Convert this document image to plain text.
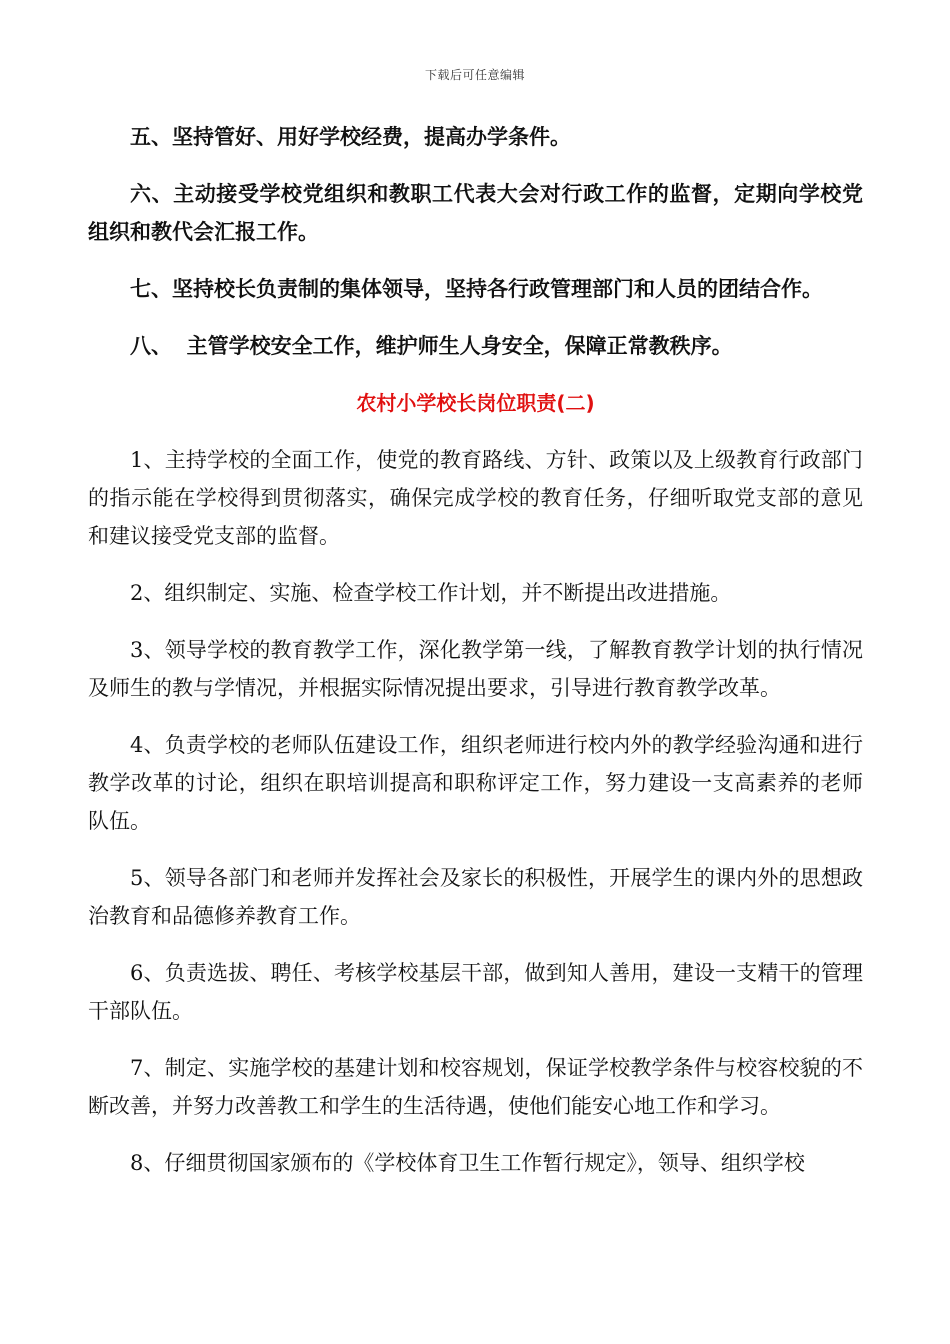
下载后可任意编辑

五、坚持管好、用好学校经费，提高办学条件。

六、主动接受学校党组织和教职工代表大会对行政工作的监督，定期向学校党组织和教代会汇报工作。

七、坚持校长负责制的集体领导，坚持各行政管理部门和人员的团结合作。

八、  主管学校安全工作，维护师生人身安全，保障正常教秩序。

农村小学校长岗位职责(二)

1、主持学校的全面工作，使党的教育路线、方针、政策以及上级教育行政部门的指示能在学校得到贯彻落实，确保完成学校的教育任务，仔细听取党支部的意见和建议接受党支部的监督。

2、组织制定、实施、检查学校工作计划，并不断提出改进措施。

3、领导学校的教育教学工作，深化教学第一线，了解教育教学计划的执行情况及师生的教与学情况，并根据实际情况提出要求，引导进行教育教学改革。

4、负责学校的老师队伍建设工作，组织老师进行校内外的教学经验沟通和进行教学改革的讨论，组织在职培训提高和职称评定工作，努力建设一支高素养的老师队伍。

5、领导各部门和老师并发挥社会及家长的积极性，开展学生的课内外的思想政治教育和品德修养教育工作。

6、负责选拔、聘任、考核学校基层干部，做到知人善用，建设一支精干的管理干部队伍。

7、制定、实施学校的基建计划和校容规划，保证学校教学条件与校容校貌的不断改善，并努力改善教工和学生的生活待遇，使他们能安心地工作和学习。

8、仔细贯彻国家颁布的《学校体育卫生工作暂行规定》，领导、组织学校
